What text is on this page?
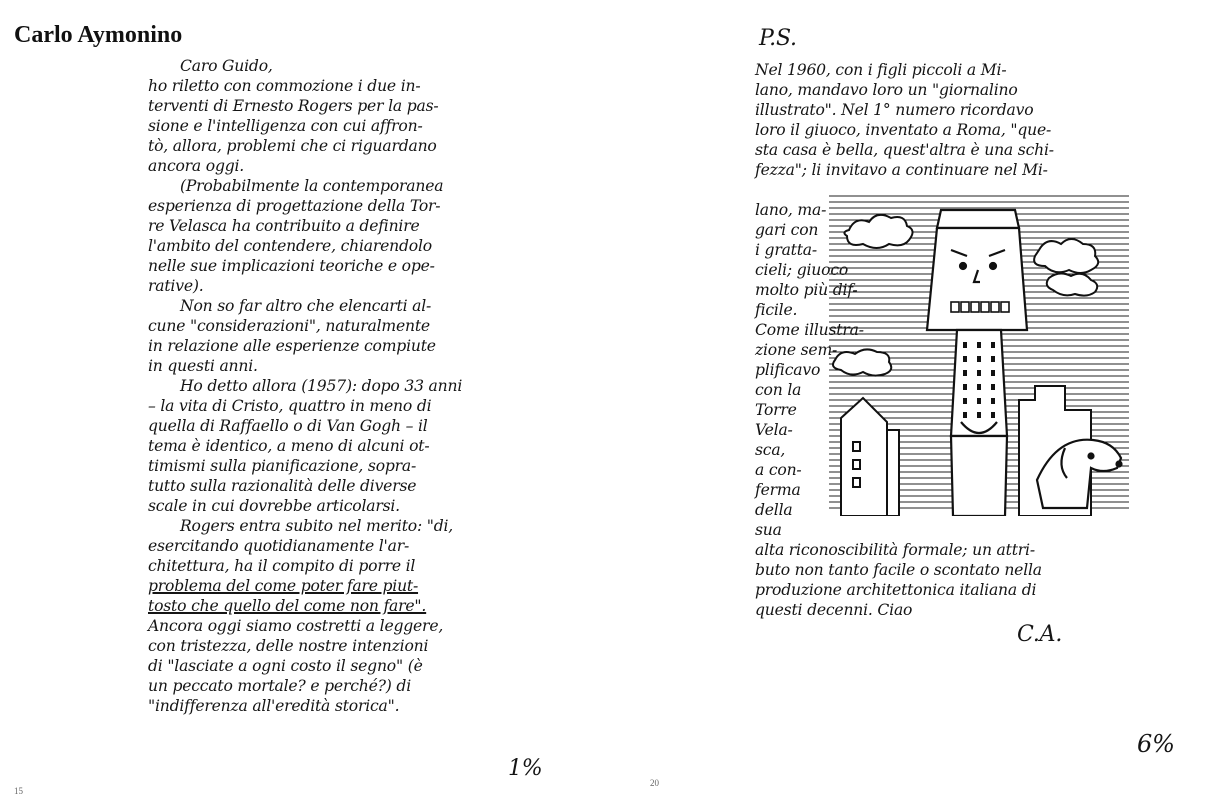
Carlo Aymonino
Caro Guido,
ho riletto con commozione i due in-
terventi di Ernesto Rogers per la pas-
sione e l'intelligenza con cui affron-
tò, allora, problemi che ci riguardano
ancora oggi.
(Probabilmente la contemporanea
esperienza di progettazione della Tor-
re Velasca ha contribuito a definire
l'ambito del contendere, chiarendolo
nelle sue implicazioni teoriche e ope-
rative).
Non so far altro che elencarti al-
cune "considerazioni", naturalmente
in relazione alle esperienze compiute
in questi anni.
Ho detto allora (1957): dopo 33 anni
– la vita di Cristo, quattro in meno di
quella di Raffaello o di Van Gogh – il
tema è identico, a meno di alcuni ot-
timismi sulla pianificazione, sopra-
tutto sulla razionalità delle diverse
scale in cui dovrebbe articolarsi.
Rogers entra subito nel merito: "di,
esercitando quotidianamente l'ar-
chitettura, ha il compito di porre il
problema del come poter fare piut-
tosto che quello del come non fare".
Ancora oggi siamo costretti a leggere,
con tristezza, delle nostre intenzioni
di "lasciate a ogni costo il segno" (è
un peccato mortale? e perché?) di
"indifferenza all'eredità storica".
1%
15
20
P.S.
Nel 1960, con i figli piccoli a Mi-
lano, mandavo loro un "giornalino
illustrato". Nel 1° numero ricordavo
loro il giuoco, inventato a Roma, "que-
sta casa è bella, quest'altra è una schi-
fezza"; li invitavo a continuare nel Mi-
lano, ma-
gari con
i gratta-
cieli; giuoco
molto più dif-
ficile.
Come illustra-
zione sem-
plificavo
con la
Torre
Vela-
sca,
a con-
ferma
della
sua
alta riconoscibilità formale; un attri-
buto non tanto facile o scontato nella
produzione architettonica italiana di
questi decenni. Ciao
C.A.
6%
